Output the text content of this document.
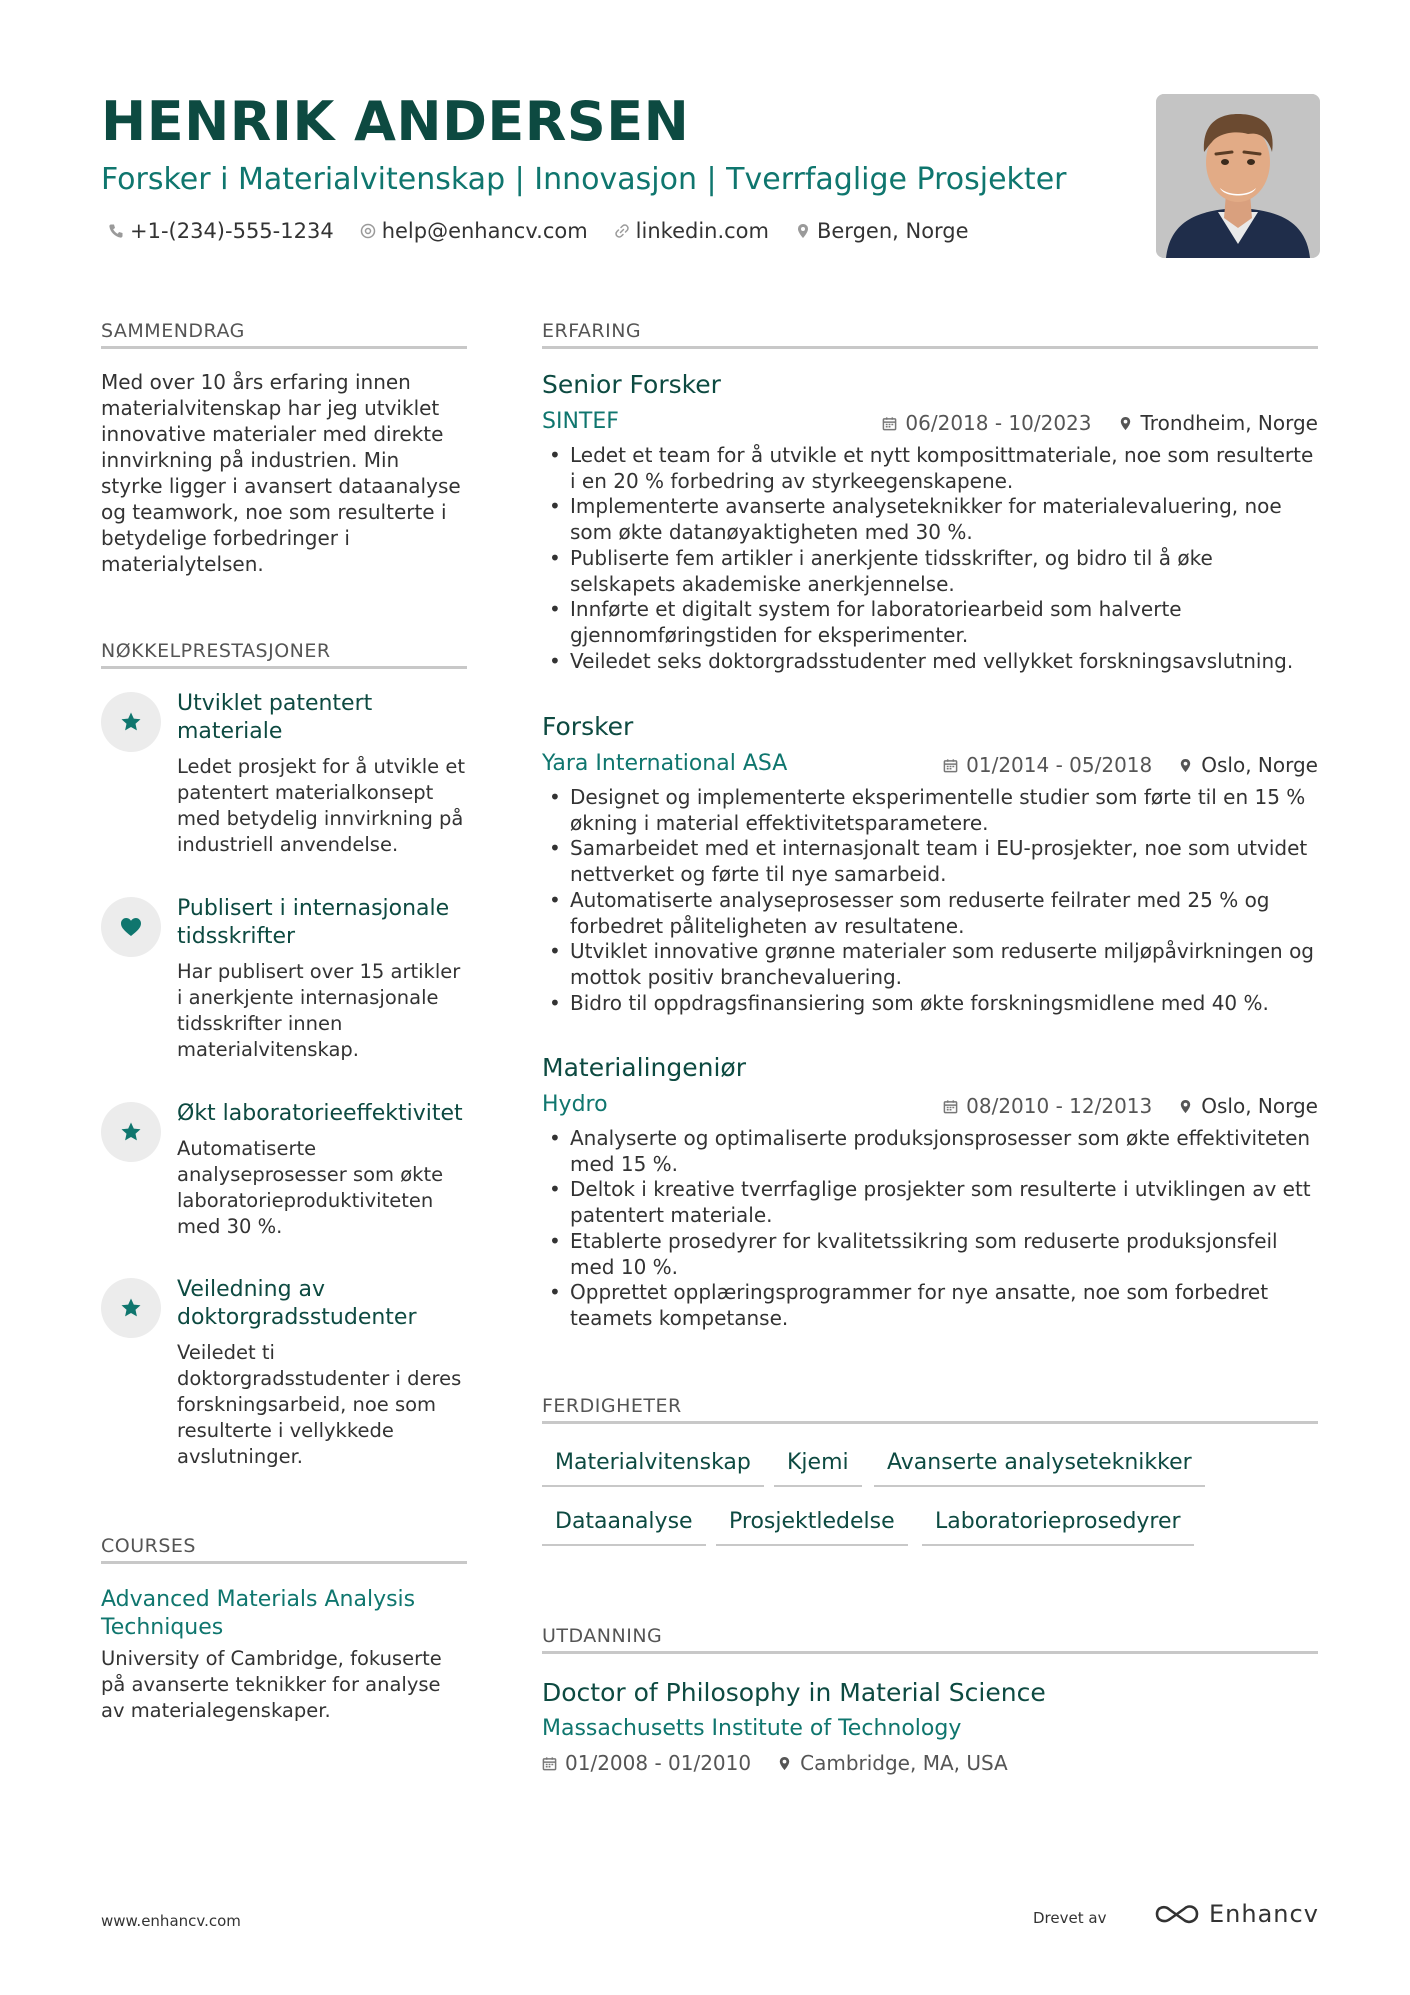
HENRIK ANDERSEN
Forsker i Materialvitenskap | Innovasjon | Tverrfaglige Prosjekter
+1-(234)-555-1234 help@enhancv.com linkedin.com Bergen, Norge
SAMMENDRAG
Med over 10 års erfaring innen materialvitenskap har jeg utviklet innovative materialer med direkte innvirkning på industrien. Min styrke ligger i avansert dataanalyse og teamwork, noe som resulterte i betydelige forbedringer i materialytelsen.
NØKKELPRESTASJONER
Utviklet patentert materiale
Ledet prosjekt for å utvikle et patentert materialkonsept med betydelig innvirkning på industriell anvendelse.
Publisert i internasjonale tidsskrifter
Har publisert over 15 artikler i anerkjente internasjonale tidsskrifter innen materialvitenskap.
Økt laboratorieeffektivitet
Automatiserte analyseprosesser som økte laboratorieproduktiviteten med 30 %.
Veiledning av doktorgradsstudenter
Veiledet ti doktorgradsstudenter i deres forskningsarbeid, noe som resulterte i vellykkede avslutninger.
COURSES
Advanced Materials Analysis Techniques
University of Cambridge, fokuserte på avanserte teknikker for analyse av materialegenskaper.
ERFARING
Senior Forsker
SINTEF	06/2018 - 10/2023 Trondheim, Norge
• Ledet et team for å utvikle et nytt komposittmateriale, noe som resulterte i en 20 % forbedring av styrkeegenskapene.
• Implementerte avanserte analyseteknikker for materialevaluering, noe som økte datanøyaktigheten med 30 %.
• Publiserte fem artikler i anerkjente tidsskrifter, og bidro til å øke selskapets akademiske anerkjennelse.
• Innførte et digitalt system for laboratoriearbeid som halverte gjennomføringstiden for eksperimenter.
• Veiledet seks doktorgradsstudenter med vellykket forskningsavslutning.
Forsker
Yara International ASA	01/2014 - 05/2018 Oslo, Norge
• Designet og implementerte eksperimentelle studier som førte til en 15 % økning i material effektivitetsparametere.
• Samarbeidet med et internasjonalt team i EU-prosjekter, noe som utvidet nettverket og førte til nye samarbeid.
• Automatiserte analyseprosesser som reduserte feilrater med 25 % og forbedret påliteligheten av resultatene.
• Utviklet innovative grønne materialer som reduserte miljøpåvirkningen og mottok positiv branchevaluering.
• Bidro til oppdragsfinansiering som økte forskningsmidlene med 40 %.
Materialingeniør
Hydro	08/2010 - 12/2013 Oslo, Norge
• Analyserte og optimaliserte produksjonsprosesser som økte effektiviteten med 15 %.
• Deltok i kreative tverrfaglige prosjekter som resulterte i utviklingen av ett patentert materiale.
• Etablerte prosedyrer for kvalitetssikring som reduserte produksjonsfeil med 10 %.
• Opprettet opplæringsprogrammer for nye ansatte, noe som forbedret teamets kompetanse.
FERDIGHETER
Materialvitenskap	Kjemi	Avanserte analyseteknikker
Dataanalyse	Prosjektledelse	Laboratorieprosedyrer
UTDANNING
Doctor of Philosophy in Material Science
Massachusetts Institute of Technology
01/2008 - 01/2010 Cambridge, MA, USA
www.enhancv.com	Drevet av	Enhancv
